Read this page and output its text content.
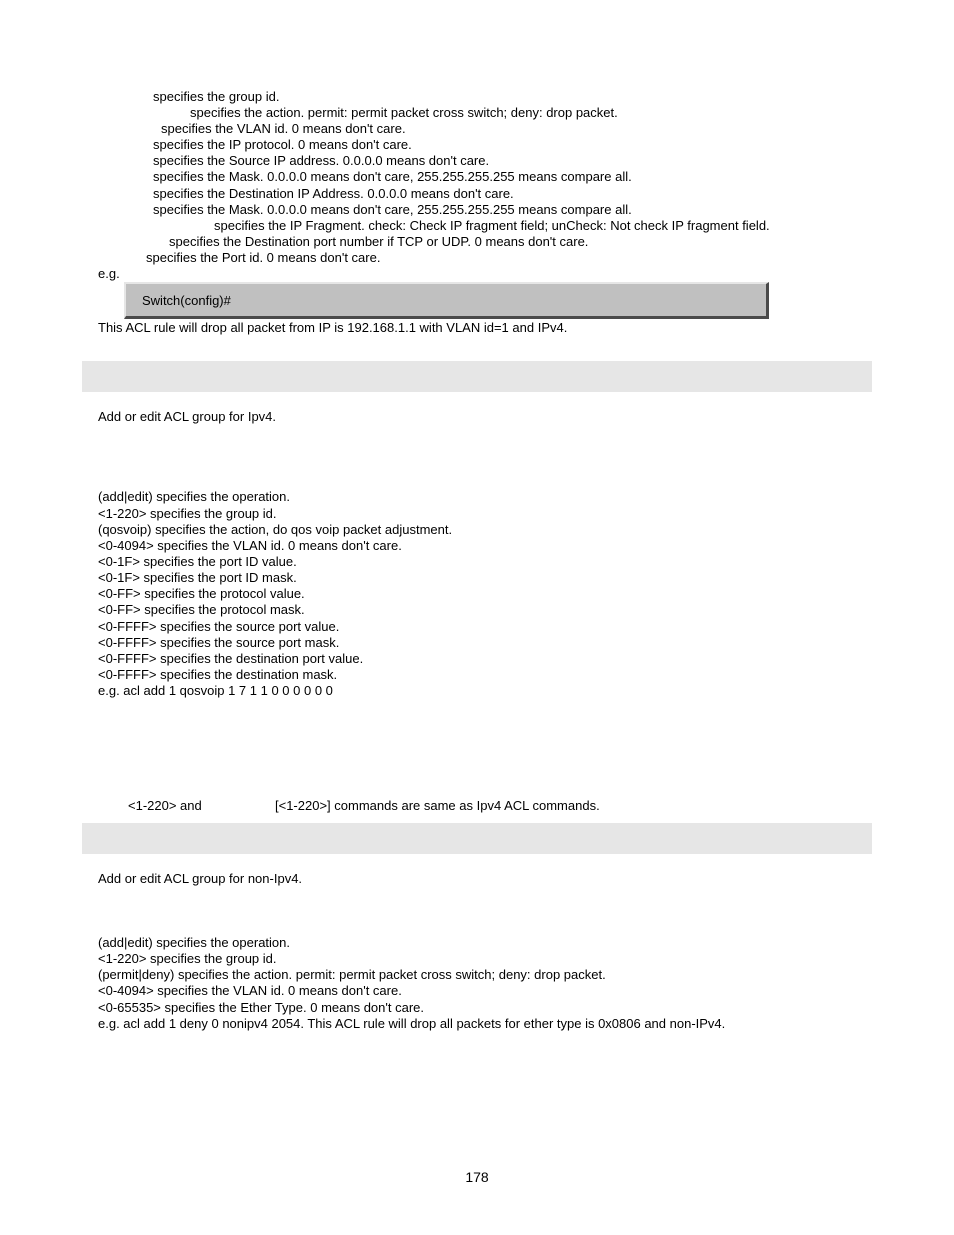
specifies the group id.
specifies the action. permit: permit packet cross switch; deny: drop packet.
specifies the VLAN id. 0 means don't care.
specifies the IP protocol. 0 means don't care.
specifies the Source IP address. 0.0.0.0 means don't care.
specifies the Mask. 0.0.0.0 means don't care, 255.255.255.255 means compare all.
specifies the Destination IP Address. 0.0.0.0 means don't care.
specifies the Mask. 0.0.0.0 means don't care, 255.255.255.255 means compare all.
specifies the IP Fragment. check: Check IP fragment field; unCheck: Not check IP fragment field.
specifies the Destination port number if TCP or UDP. 0 means don't care.
specifies the Port id. 0 means don't care.
e.g.
Switch(config)#
This ACL rule will drop all packet from IP is 192.168.1.1 with VLAN id=1 and IPv4.
Add or edit ACL group for Ipv4.
(add|edit) specifies the operation.
<1-220> specifies the group id.
(qosvoip) specifies the action, do qos voip packet adjustment.
<0-4094> specifies the VLAN id. 0 means don't care.
<0-1F> specifies the port ID value.
<0-1F> specifies the port ID mask.
<0-FF> specifies the protocol value.
<0-FF> specifies the protocol mask.
<0-FFFF> specifies the source port value.
<0-FFFF> specifies the source port mask.
<0-FFFF> specifies the destination port value.
<0-FFFF> specifies the destination mask.
e.g. acl add 1 qosvoip 1 7 1 1 0 0 0 0 0 0
<1-220> and	[<1-220>] commands are same as Ipv4 ACL commands.
Add or edit ACL group for non-Ipv4.
(add|edit) specifies the operation.
<1-220> specifies the group id.
(permit|deny) specifies the action. permit: permit packet cross switch; deny: drop packet.
<0-4094> specifies the VLAN id. 0 means don't care.
<0-65535> specifies the Ether Type. 0 means don't care.
e.g. acl add 1 deny 0 nonipv4 2054. This ACL rule will drop all packets for ether type is 0x0806 and non-IPv4.
178
